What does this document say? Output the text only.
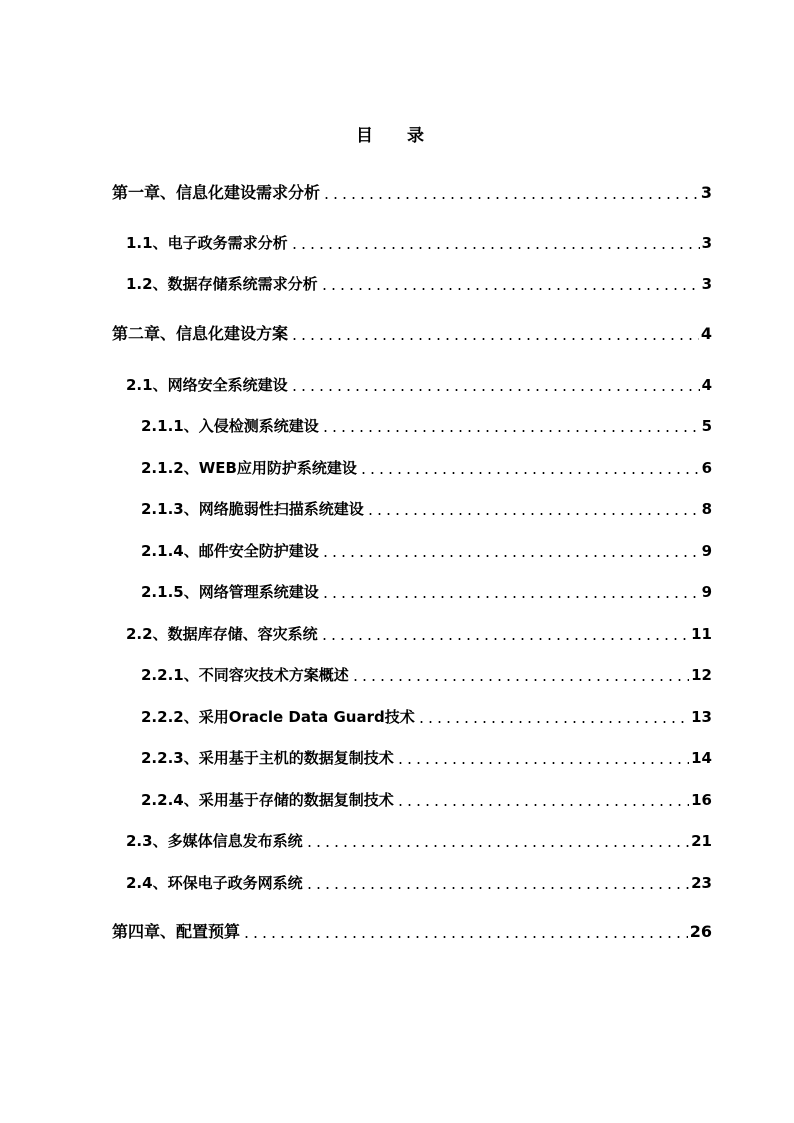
目 录
第一章、信息化建设需求分析	3
1.1、电子政务需求分析	3
1.2、数据存储系统需求分析	3
第二章、信息化建设方案	4
2.1、网络安全系统建设	4
2.1.1、入侵检测系统建设	5
2.1.2、WEB应用防护系统建设	6
2.1.3、网络脆弱性扫描系统建设	8
2.1.4、邮件安全防护建设	9
2.1.5、网络管理系统建设	9
2.2、数据库存储、容灾系统	11
2.2.1、不同容灾技术方案概述	12
2.2.2、采用Oracle Data Guard技术	13
2.2.3、采用基于主机的数据复制技术	14
2.2.4、采用基于存储的数据复制技术	16
2.3、多媒体信息发布系统	21
2.4、环保电子政务网系统	23
第四章、配置预算	26
